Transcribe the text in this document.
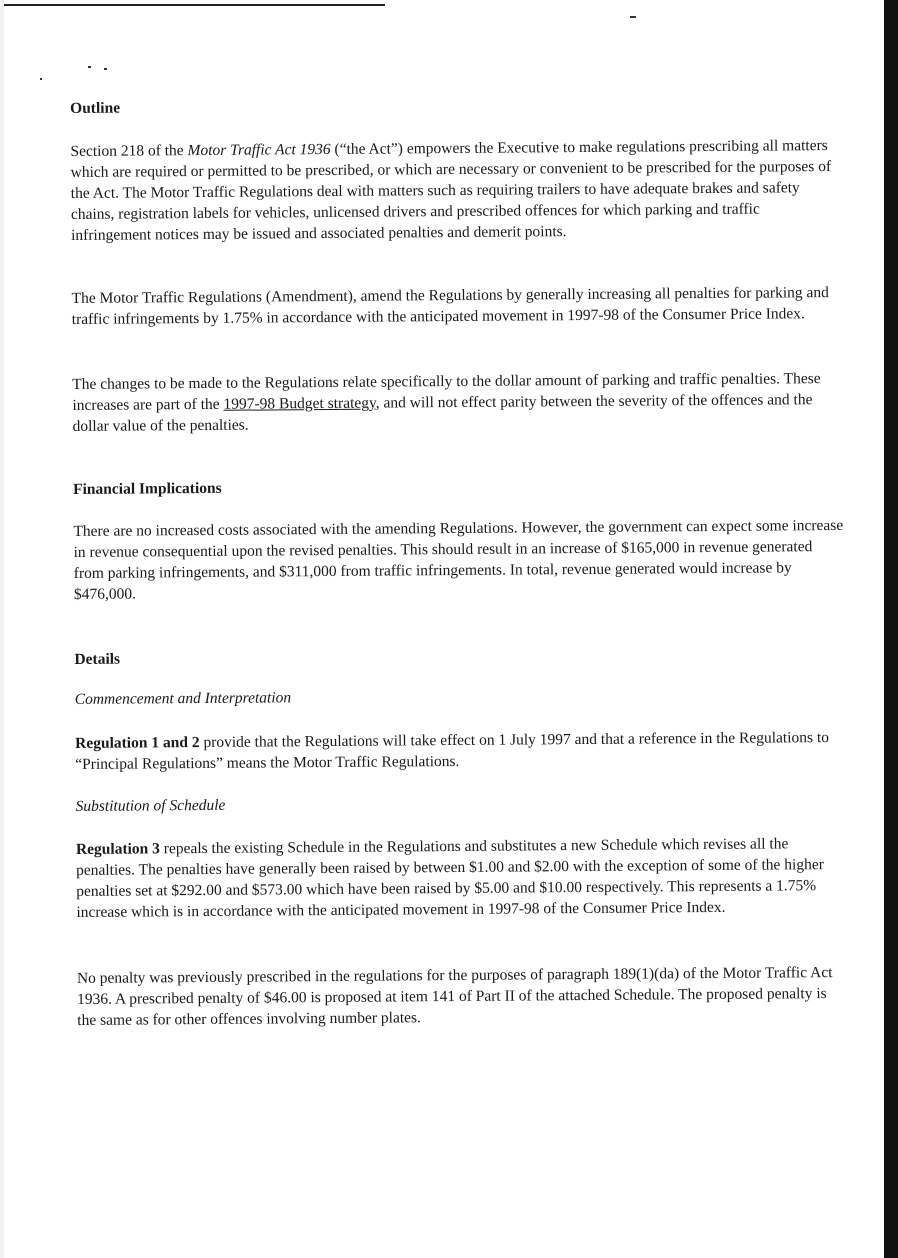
Outline

Section 218 of the Motor Traffic Act 1936 (“the Act”) empowers the Executive to make regulations prescribing all matters which are required or permitted to be prescribed, or which are necessary or convenient to be prescribed for the purposes of the Act. The Motor Traffic Regulations deal with matters such as requiring trailers to have adequate brakes and safety chains, registration labels for vehicles, unlicensed drivers and prescribed offences for which parking and traffic infringement notices may be issued and associated penalties and demerit points.

The Motor Traffic Regulations (Amendment), amend the Regulations by generally increasing all penalties for parking and traffic infringements by 1.75% in accordance with the anticipated movement in 1997-98 of the Consumer Price Index.

The changes to be made to the Regulations relate specifically to the dollar amount of parking and traffic penalties. These increases are part of the 1997-98 Budget strategy, and will not effect parity between the severity of the offences and the dollar value of the penalties.

Financial Implications

There are no increased costs associated with the amending Regulations. However, the government can expect some increase in revenue consequential upon the revised penalties. This should result in an increase of $165,000 in revenue generated from parking infringements, and $311,000 from traffic infringements. In total, revenue generated would increase by $476,000.

Details

Commencement and Interpretation

Regulation 1 and 2 provide that the Regulations will take effect on 1 July 1997 and that a reference in the Regulations to “Principal Regulations” means the Motor Traffic Regulations.

Substitution of Schedule

Regulation 3 repeals the existing Schedule in the Regulations and substitutes a new Schedule which revises all the penalties. The penalties have generally been raised by between $1.00 and $2.00 with the exception of some of the higher penalties set at $292.00 and $573.00 which have been raised by $5.00 and $10.00 respectively. This represents a 1.75% increase which is in accordance with the anticipated movement in 1997-98 of the Consumer Price Index.

No penalty was previously prescribed in the regulations for the purposes of paragraph 189(1)(da) of the Motor Traffic Act 1936. A prescribed penalty of $46.00 is proposed at item 141 of Part II of the attached Schedule. The proposed penalty is the same as for other offences involving number plates.
